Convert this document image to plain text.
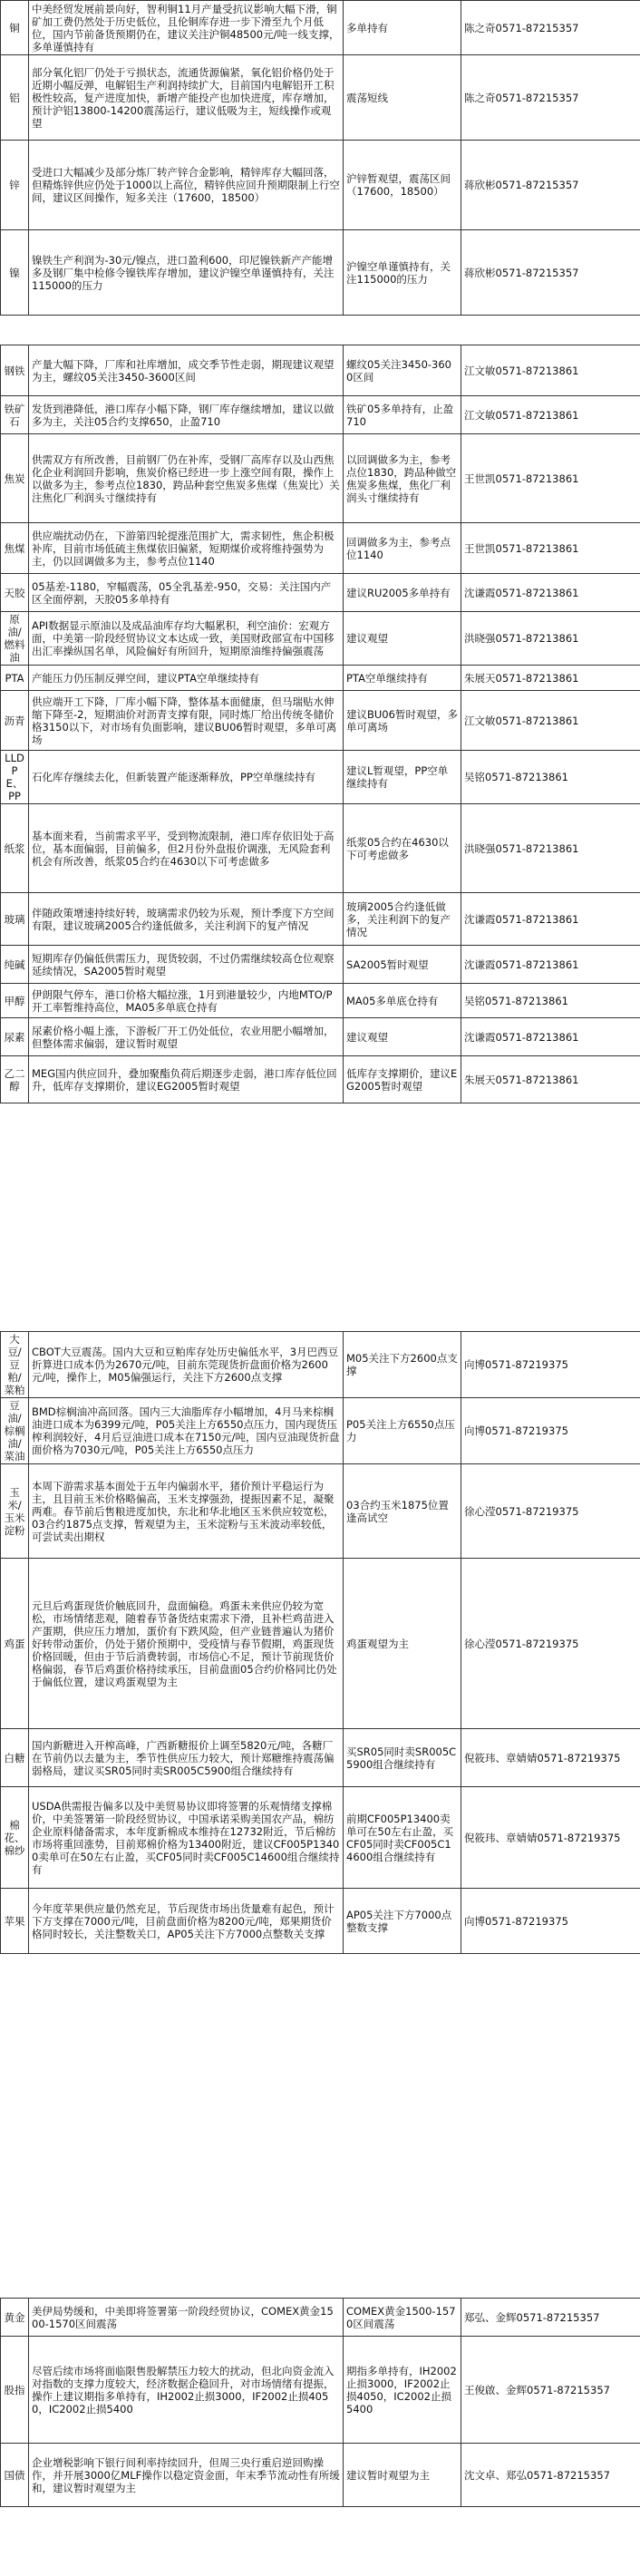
铜	中美经贸发展前景向好，智利铜11月产量受抗议影响大幅下滑，铜矿加工费仍然处于历史低位，且伦铜库存进一步下滑至九个月低位，国内节前备货预期仍在，建议关注沪铜48500元/吨一线支撑，多单谨慎持有	多单持有	陈之奇0571-87215357
铝	部分氧化铝厂仍处于亏损状态，流通货源偏紧，氧化铝价格仍处于近期小幅反弹，电解铝生产利润持续扩大，目前国内电解铝开工积极性较高，复产进度加快，新增产能投产也加快进度，库存增加，预计沪铝13800-14200震荡运行，建议低吸为主，短线操作或观望	震荡短线	陈之奇0571-87215357
锌	受进口大幅减少及部分炼厂转产锌合金影响，精锌库存大幅回落，但精炼锌供应仍处于1000以上高位，精锌供应回升预期限制上行空间，建议区间操作，短多关注（17600，18500）	沪锌暂观望，震荡区间（17600，18500）	蒋欣彬0571-87215357
镍	镍铁生产利润为-30元/镍点，进口盈利600，印尼镍铁新产产能增多及钢厂集中检修令镍铁库存增加，建议沪镍空单谨慎持有，关注115000的压力	沪镍空单谨慎持有，关注115000的压力	蒋欣彬0571-87215357
钢铁	产量大幅下降，厂库和社库增加，成交季节性走弱，期现建议观望为主，螺纹05关注3450-3600区间	螺纹05关注3450-3600区间	江文敏0571-87213861
铁矿石	发货到港降低，港口库存小幅下降，钢厂库存继续增加，建议以做多为主，关注05合约支撑650，止盈710	铁矿05多单持有，止盈710	江文敏0571-87213861
焦炭	供需双方有所改善，目前钢厂仍在补库，受钢厂高库存以及山西焦化企业利润回升影响，焦炭价格已经进一步上涨空间有限，操作上以做多为主，参考点位1830，跨品种套空焦炭多焦煤（焦炭比）关注焦化厂利润头寸继续持有	以回调做多为主，参考点位1830，跨品种做空焦炭多焦煤，焦化厂利润头寸继续持有	王世凯0571-87213861
焦煤	供应端扰动仍在，下游第四轮提涨范围扩大，需求韧性，焦企积极补库，目前市场低硫主焦煤依旧偏紧，短期煤价或将维持强势为主，仍以回调做多为主，参考点位1140	回调做多为主，参考点位1140	王世凯0571-87213861
天胶	05基差-1180，窄幅震荡，05全乳基差-950，交易：关注国内产区全面停割，天胶05多单持有	建议RU2005多单持有	沈谦霞0571-87213861
原油/燃料油	API数据显示原油以及成品油库存均大幅累积，利空油价：宏观方面，中美第一阶段经贸协议文本达成一致，美国财政部宣布中国移出汇率操纵国名单，风险偏好有所回升，短期原油维持偏强震荡	建议观望	洪晓强0571-87213861
PTA	产能压力仍压制反弹空间，建议PTA空单继续持有	PTA空单继续持有	朱展天0571-87213861
沥青	供应端开工下降，厂库小幅下降，整体基本面健康，但马瑞贴水伸缩下降至-2，短期油价对沥青支撑有限，同时炼厂给出传统冬储价格3150以下，对市场有负面影响，建议BU06暂时观望，多单可离场	建议BU06暂时观望，多单可离场	江文敏0571-87213861
LLDPE、PP	石化库存继续去化，但新装置产能逐渐释放，PP空单继续持有	建议L暂观望，PP空单继续持有	吴铭0571-87213861
纸浆	基本面来看，当前需求平平，受到物流限制，港口库存依旧处于高位，基本面偏弱，目前偏多，但2月份外盘报价调涨，无风险套利机会有所改善，纸浆05合约在4630以下可考虑做多	纸浆05合约在4630以下可考虑做多	洪晓强0571-87213861
玻璃	伴随政策增速持续好转，玻璃需求仍较为乐观，预计季度下方空间有限，建议玻璃2005合约逢低做多，关注利润下的复产情况	玻璃2005合约逢低做多，关注利润下的复产情况	沈谦霞0571-87213861
纯碱	短期库存仍偏低供需压力，现货较弱，不过仍需继续较高仓位观察延续情况，SA2005暂时观望	SA2005暂时观望	沈谦霞0571-87213861
甲醇	伊朗限气停车，港口价格大幅拉涨，1月到港量较少，内地MTO/P开工率暂维持高位，MA05多单底仓持有	MA05多单底仓持有	吴铭0571-87213861
尿素	尿素价格小幅上涨，下游板厂开工仍处低位，农业用肥小幅增加，但整体需求偏弱，建议暂时观望	建议观望	沈谦霞0571-87213861
乙二醇	MEG国内供应回升，叠加聚酯负荷后期逐步走弱，港口库存低位回升，低库存支撑期价，建议EG2005暂时观望	低库存支撑期价，建议EG2005暂时观望	朱展天0571-87213861
大豆/豆粕/菜粕	CBOT大豆震荡。国内大豆和豆粕库存处历史偏低水平，3月巴西豆折算进口成本仍为2670元/吨，目前东莞现货折盘面价格为2600元/吨，操作上，M05偏强运行，关注下方2600点支撑	M05关注下方2600点支撑	向博0571-87219375
豆油/棕榈油/菜油	BMD棕榈油冲高回落。国内三大油脂库存小幅增加，4月马来棕榈油进口成本为6399元/吨，P05关注上方6550点压力，国内现货压榨利润较好，4月后豆油进口成本在7150元/吨，国内豆油现货折盘面价格为7030元/吨，P05关注上方6550点压力	P05关注上方6550点压力	向博0571-87219375
玉米/玉米淀粉	本周下游需求基本面处于五年内偏弱水平，猪价预计平稳运行为主，且目前玉米价格略偏高，玉米支撑强劲，提振因素不足，凝聚两难。春节前后售粮进度加快，东北和华北地区玉米供应较宽松，03合约1875点支撑，暂观望为主，玉米淀粉与玉米波动率较低，可尝试卖出期权	03合约玉米1875位置逢高试空	徐心滢0571-87219375
鸡蛋	元旦后鸡蛋现货价触底回升，盘面偏稳。鸡蛋未来供应仍较为宽松，市场情绪悲观，随着春节备货结束需求下滑，且补栏鸡苗进入产蛋期，供应压力增加，蛋价有下跌风险，但产业链普遍认为猪价好转带动蛋价，仍处于猪价预期中，受疫情与春节假期，鸡蛋现货价格回暖，但由于节后消费转弱，市场信心不足，预计节前现货价格偏弱，春节后鸡蛋价格持续承压，目前盘面05合约价格同比仍处于偏低位置，建议鸡蛋观望为主	鸡蛋观望为主	徐心滢0571-87219375
白糖	国内新糖进入开榨高峰，广西新糖报价上调至5820元/吨，各糖厂在节前仍以去量为主，季节性供应压力较大，预计郑糖维持震荡偏弱格局，建议买SR05同时卖SR005C5900组合继续持有	买SR05同时卖SR005C5900组合继续持有	倪筱玮、章婧婧0571-87219375
棉花、棉纱	USDA供需报告偏多以及中美贸易协议即将签署的乐观情绪支撑棉价，中美签署第一阶段经贸协议，中国承诺采购美国农产品，棉纺企业原料储备需求，本年度新棉成本维持在12732附近，节后棉纺市场将重回涨势，目前郑棉价格为13400附近，建议CF005P13400卖单可在50左右止盈，买CF05同时卖CF005C14600组合继续持有	前期CF005P13400卖单可在50左右止盈，买CF05同时卖CF005C14600组合继续持有	倪筱玮、章婧婧0571-87219375
苹果	今年度苹果供应量仍然充足，节后现货市场出货量难有起色，预计下方支撑在7000元/吨，目前盘面价格为8200元/吨，郑果期货价格同时较长，关注整数关口，AP05关注下方7000点整数关支撑	AP05关注下方7000点整数支撑	向博0571-87219375
黄金	美伊局势缓和，中美即将签署第一阶段经贸协议，COMEX黄金1500-1570区间震荡	COMEX黄金1500-1570区间震荡	郑弘、金辉0571-87215357
股指	尽管后续市场将面临限售股解禁压力较大的扰动，但北向资金流入对指数的支撑力度较大，经济数据企稳回升，对市场情绪有提振，操作上建议期指多单持有，IH2002止损3000，IF2002止损4050，IC2002止损5400	期指多单持有，IH2002止损3000，IF2002止损4050，IC2002止损5400	王俊啟、金辉0571-87215357
国债	企业增税影响下银行间利率持续回升，但周三央行重启逆回购操作，并开展3000亿MLF操作以稳定资金面，年末季节流动性有所缓和，建议暂时观望为主	建议暂时观望为主	沈文卓、郑弘0571-87215357
